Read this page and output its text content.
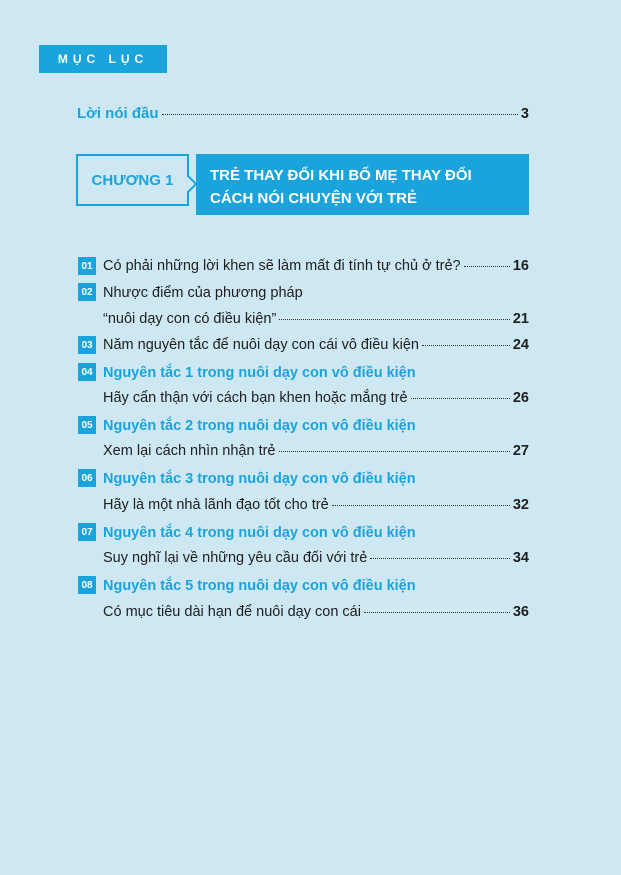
MỤC LỤC
Lời nói đầu	3
CHƯƠNG 1	TRẺ THAY ĐỔI KHI BỐ MẸ THAY ĐỔI
CÁCH NÓI CHUYỆN VỚI TRẺ
01 Có phải những lời khen sẽ làm mất đi tính tự chủ ở trẻ?	16
02 Nhược điểm của phương pháp
“nuôi dạy con có điều kiện”	21
03 Năm nguyên tắc để nuôi dạy con cái vô điều kiện	24
04 Nguyên tắc 1 trong nuôi dạy con vô điều kiện
Hãy cẩn thận với cách bạn khen hoặc mắng trẻ	26
05 Nguyên tắc 2 trong nuôi dạy con vô điều kiện
Xem lại cách nhìn nhận trẻ	27
06 Nguyên tắc 3 trong nuôi dạy con vô điều kiện
Hãy là một nhà lãnh đạo tốt cho trẻ	32
07 Nguyên tắc 4 trong nuôi dạy con vô điều kiện
Suy nghĩ lại về những yêu cầu đối với trẻ	34
08 Nguyên tắc 5 trong nuôi dạy con vô điều kiện
Có mục tiêu dài hạn để nuôi dạy con cái	36
